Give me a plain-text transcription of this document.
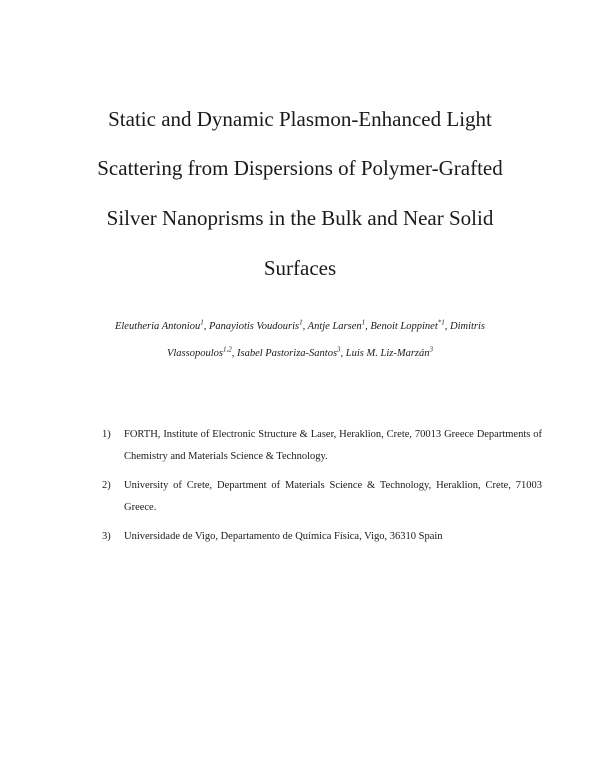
Static and Dynamic Plasmon-Enhanced Light
Scattering from Dispersions of Polymer-Grafted
Silver Nanoprisms in the Bulk and Near Solid
Surfaces
Eleutheria Antoniou$^1$, Panayiotis Voudouris$^1$, Antje Larsen$^1$, Benoit Loppinet$^{*1}$, Dimitris
Vlassopoulos$^{1,2}$, Isabel Pastoriza-Santos$^3$, Luis M. Liz-Marzán$^3$
1) FORTH, Institute of Electronic Structure & Laser, Heraklion, Crete, 70013 Greece Departments of Chemistry and Materials Science & Technology.
2) University of Crete, Department of Materials Science & Technology, Heraklion, Crete, 71003 Greece.
3) Universidade de Vigo, Departamento de Química Física, Vigo, 36310 Spain
